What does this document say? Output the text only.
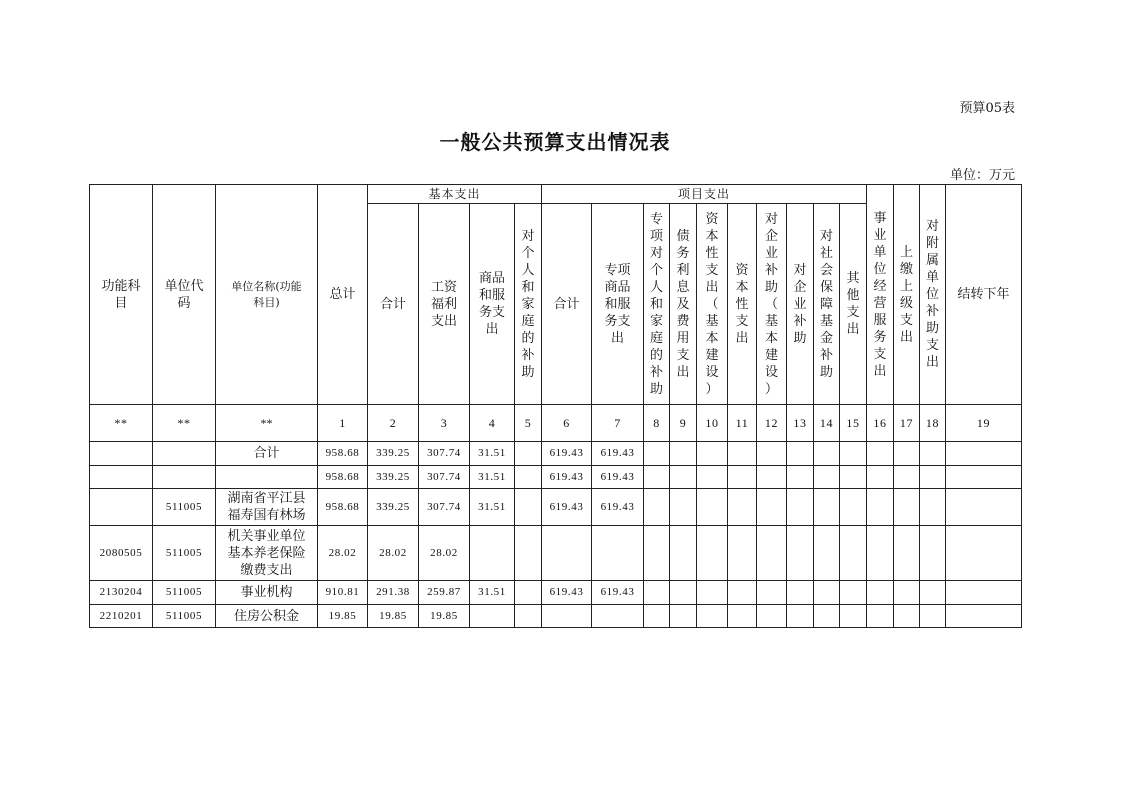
预算05表
一般公共预算支出情况表
单位：万元
功能科目	单位代码	单位名称(功能科目)	总计	基本支出				项目支出										事业单位经营服务支出	上缴上级支出	对附属单位补助支出	结转下年
				合计	工资福利支出	商品和服务支出	对个人和家庭的补助	合计	专项商品和服务支出	专项对个人和家庭的补助	债务利息及费用支出	资本性支出（基本建设）	资本性支出	对企业补助（基本建设）	对企业补助	对社会保障基金补助	其他支出				
**	**	**	1	2	3	4	5	6	7	8	9	10	11	12	13	14	15	16	17	18	19
		合计	958.68	339.25	307.74	31.51		619.43	619.43												
			958.68	339.25	307.74	31.51		619.43	619.43												
	511005	湖南省平江县福寿国有林场	958.68	339.25	307.74	31.51		619.43	619.43												
2080505	511005	机关事业单位基本养老保险缴费支出	28.02	28.02	28.02																
2130204	511005	事业机构	910.81	291.38	259.87	31.51		619.43	619.43												
2210201	511005	住房公积金	19.85	19.85	19.85																
